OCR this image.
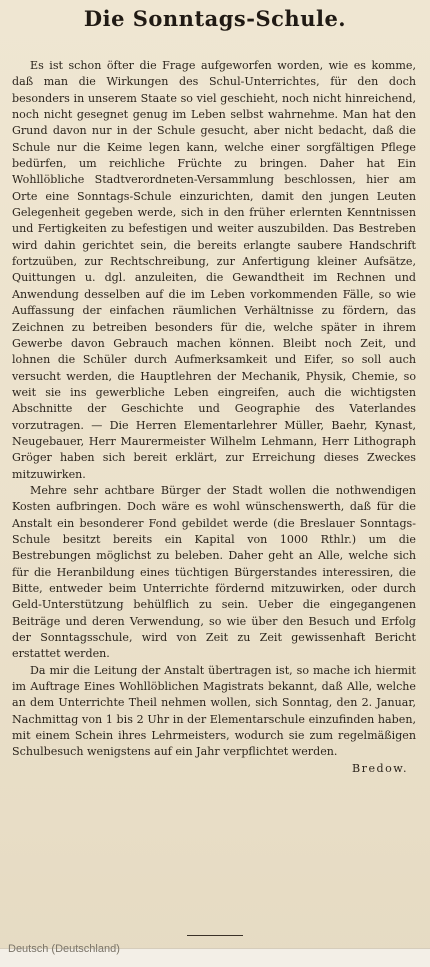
Die Sonntags-Schule.

Es ist schon öfter die Frage aufgeworfen worden, wie es komme, daß man die Wirkungen des Schul-Unterrichtes, für den doch besonders in unserem Staate so viel geschieht, noch nicht hinreichend, noch nicht gesegnet genug im Leben selbst wahrnehme. Man hat den Grund davon nur in der Schule gesucht, aber nicht bedacht, daß die Schule nur die Keime legen kann, welche einer sorgfältigen Pflege bedürfen, um reichliche Früchte zu bringen. Daher hat Ein Wohllöbliche Stadtverordneten-Versammlung beschlossen, hier am Orte eine Sonntags-Schule einzurichten, damit den jungen Leuten Gelegenheit gegeben werde, sich in den früher erlernten Kenntnissen und Fertigkeiten zu befestigen und weiter auszubilden. Das Bestreben wird dahin gerichtet sein, die bereits erlangte saubere Handschrift fortzuüben, zur Rechtschreibung, zur Anfertigung kleiner Aufsätze, Quittungen u. dgl. anzuleiten, die Gewandtheit im Rechnen und Anwendung desselben auf die im Leben vorkommenden Fälle, so wie Auffassung der einfachen räumlichen Verhältnisse zu fördern, das Zeichnen zu betreiben besonders für die, welche später in ihrem Gewerbe davon Gebrauch machen können. Bleibt noch Zeit, und lohnen die Schüler durch Aufmerksamkeit und Eifer, so soll auch versucht werden, die Hauptlehren der Mechanik, Physik, Chemie, so weit sie ins gewerbliche Leben eingreifen, auch die wichtigsten Abschnitte der Geschichte und Geographie des Vaterlandes vorzutragen. — Die Herren Elementarlehrer Müller, Baehr, Kynast, Neugebauer, Herr Maurermeister Wilhelm Lehmann, Herr Lithograph Gröger haben sich bereit erklärt, zur Erreichung dieses Zweckes mitzuwirken.

Mehre sehr achtbare Bürger der Stadt wollen die nothwendigen Kosten aufbringen. Doch wäre es wohl wünschenswerth, daß für die Anstalt ein besonderer Fond gebildet werde (die Breslauer Sonntags-Schule besitzt bereits ein Kapital von 1000 Rthlr.) um die Bestrebungen möglichst zu beleben. Daher geht an Alle, welche sich für die Heranbildung eines tüchtigen Bürgerstandes interessiren, die Bitte, entweder beim Unterrichte fördernd mitzuwirken, oder durch Geld-Unterstützung behülflich zu sein. Ueber die eingegangenen Beiträge und deren Verwendung, so wie über den Besuch und Erfolg der Sonntagsschule, wird von Zeit zu Zeit gewissenhaft Bericht erstattet werden.

Da mir die Leitung der Anstalt übertragen ist, so mache ich hiermit im Auftrage Eines Wohllöblichen Magistrats bekannt, daß Alle, welche an dem Unterrichte Theil nehmen wollen, sich Sonntag, den 2. Januar, Nachmittag von 1 bis 2 Uhr in der Elementarschule einzufinden haben, mit einem Schein ihres Lehrmeisters, wodurch sie zum regelmäßigen Schulbesuch wenigstens auf ein Jahr verpflichtet werden.

Bredow.

Deutsch (Deutschland)
